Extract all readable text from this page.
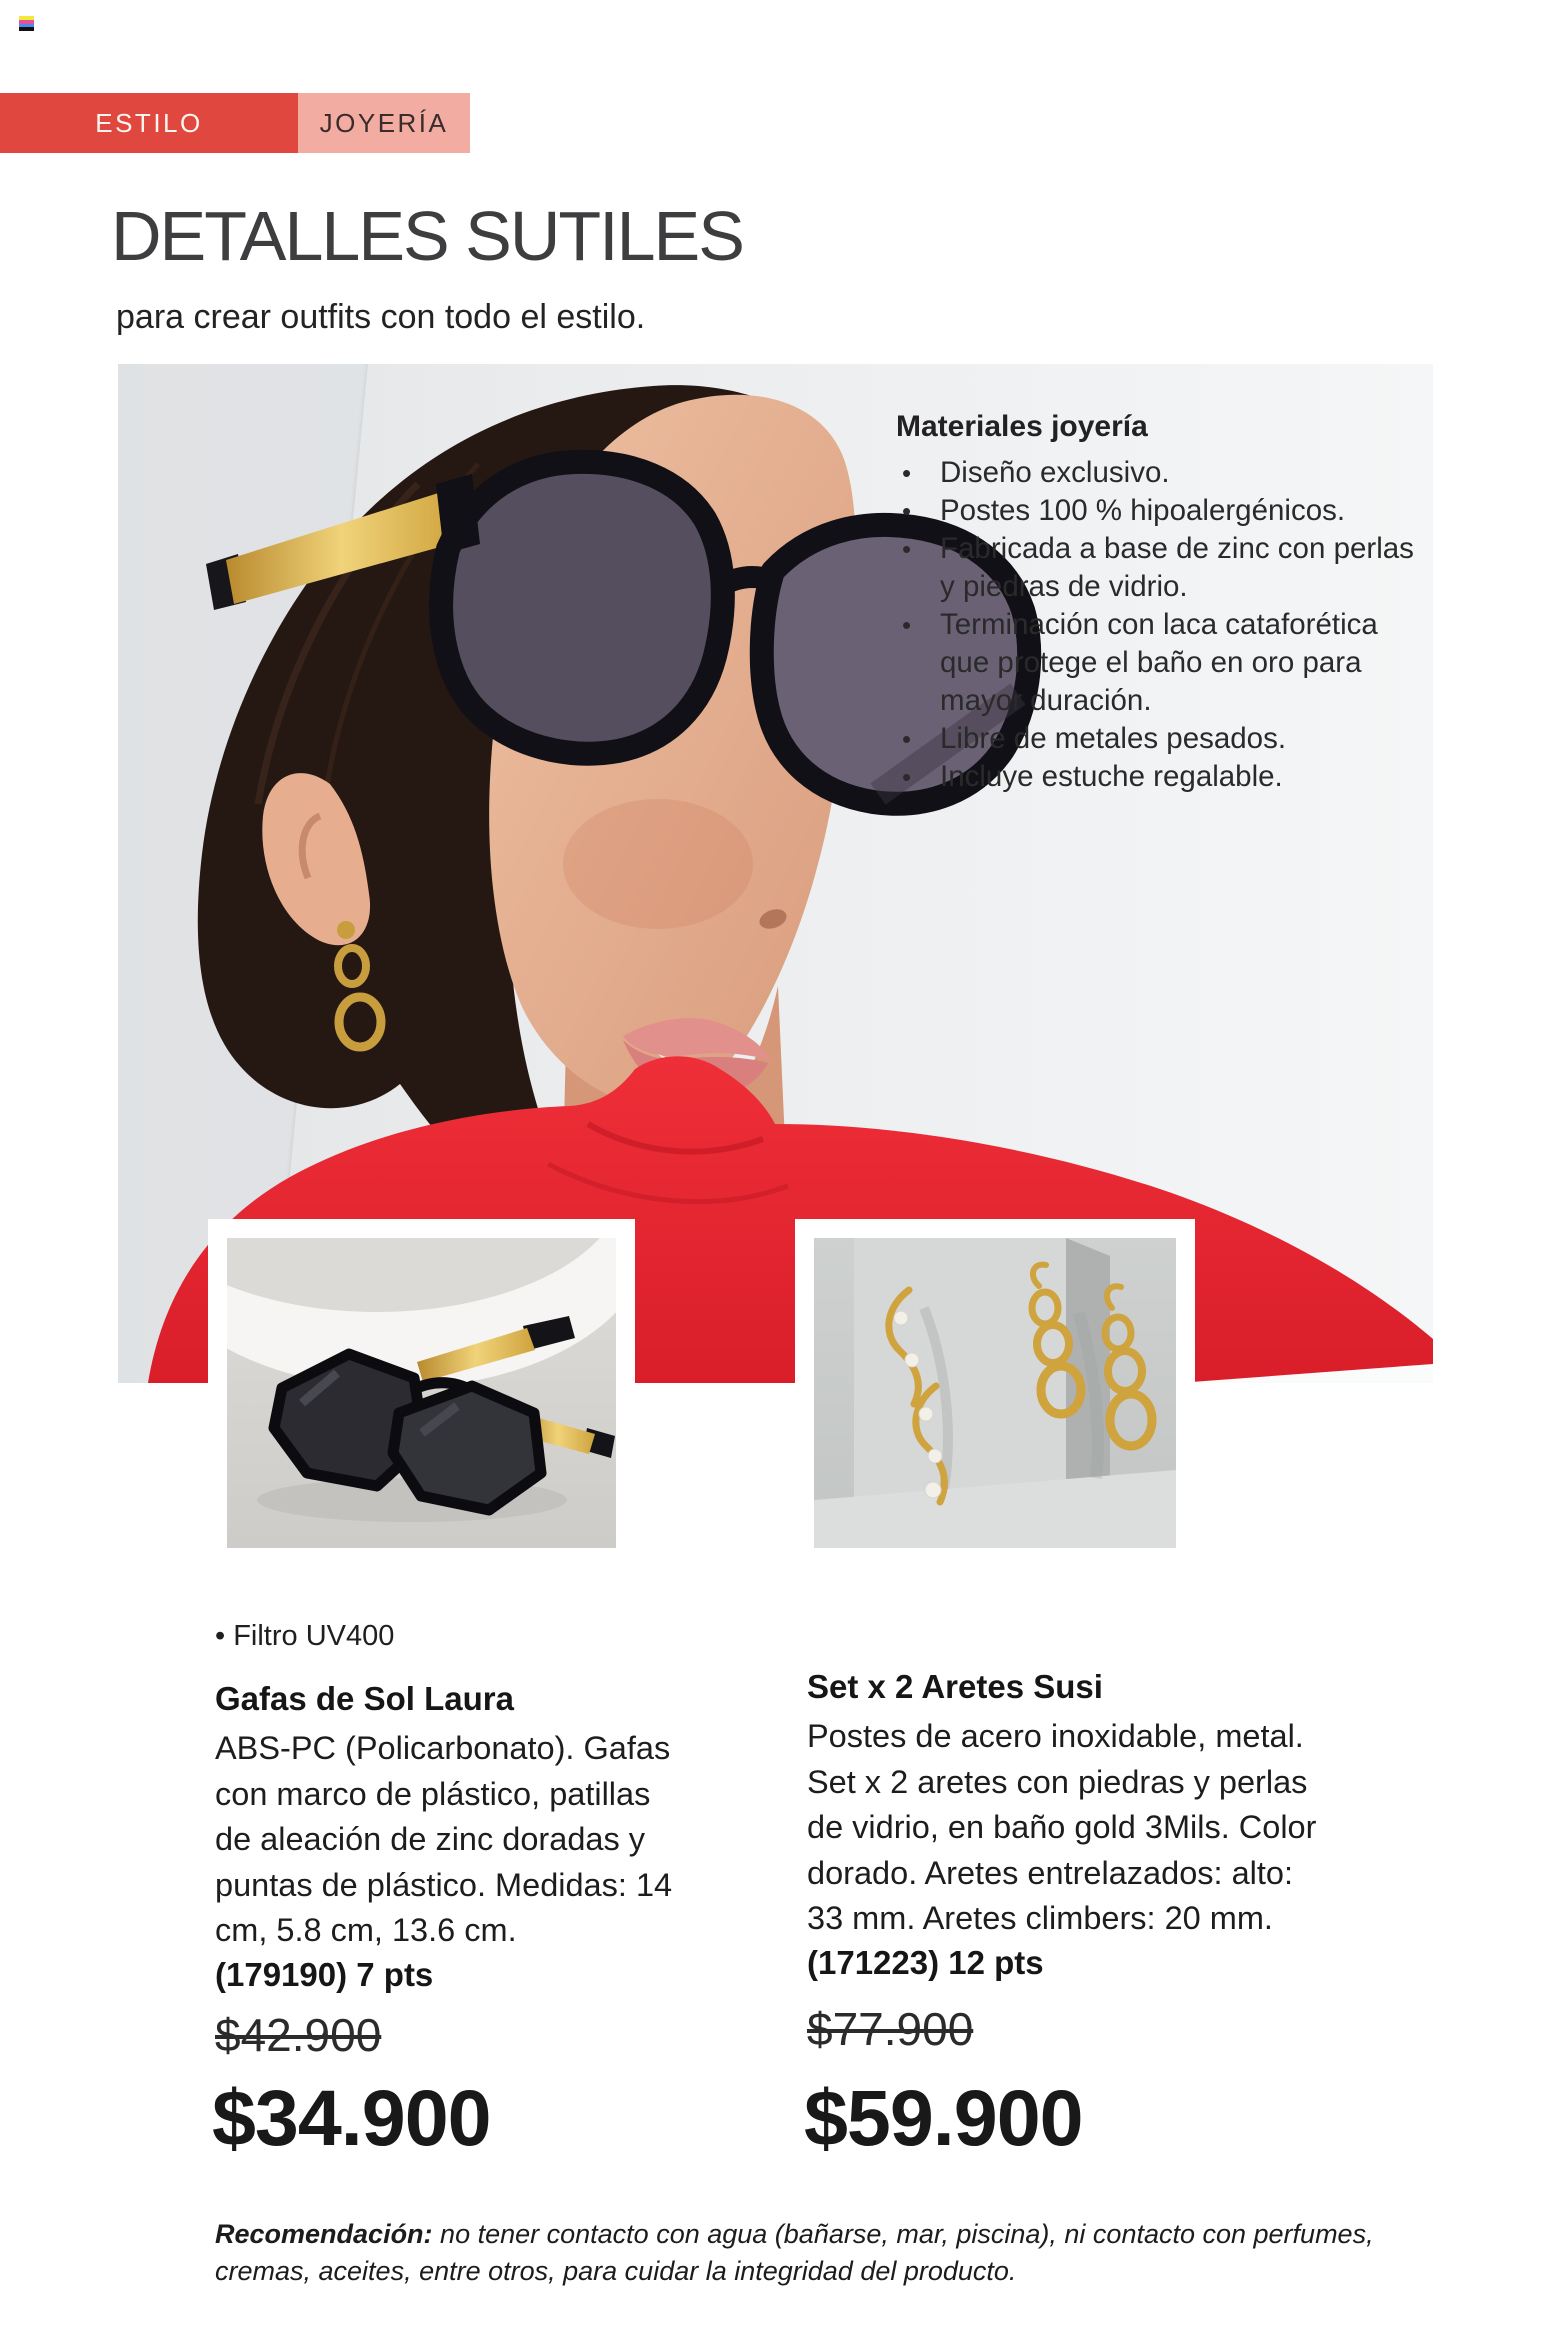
ESTILO	JOYERÍA
DETALLES SUTILES
para crear outfits con todo el estilo.
Materiales joyería
• Diseño exclusivo.
• Postes 100 % hipoalergénicos.
• Fabricada a base de zinc con perlas y piedras de vidrio.
• Terminación con laca cataforética que protege el baño en oro para mayor duración.
• Libre de metales pesados.
• Incluye estuche regalable.
• Filtro UV400

Gafas de Sol Laura

ABS-PC (Policarbonato). Gafas con marco de plástico, patillas de aleación de zinc doradas y puntas de plástico. Medidas: 14 cm, 5.8 cm, 13.6 cm.

(179190) 7 pts

Set x 2 Aretes Susi

Postes de acero inoxidable, metal. Set x 2 aretes con piedras y perlas de vidrio, en baño gold 3Mils. Color dorado. Aretes entrelazados: alto: 33 mm. Aretes climbers: 20 mm.

(171223) 12 pts

$42.900
$34.900
$77.900
$59.900
Recomendación: no tener contacto con agua (bañarse, mar, piscina), ni contacto con perfumes, cremas, aceites, entre otros, para cuidar la integridad del producto.
